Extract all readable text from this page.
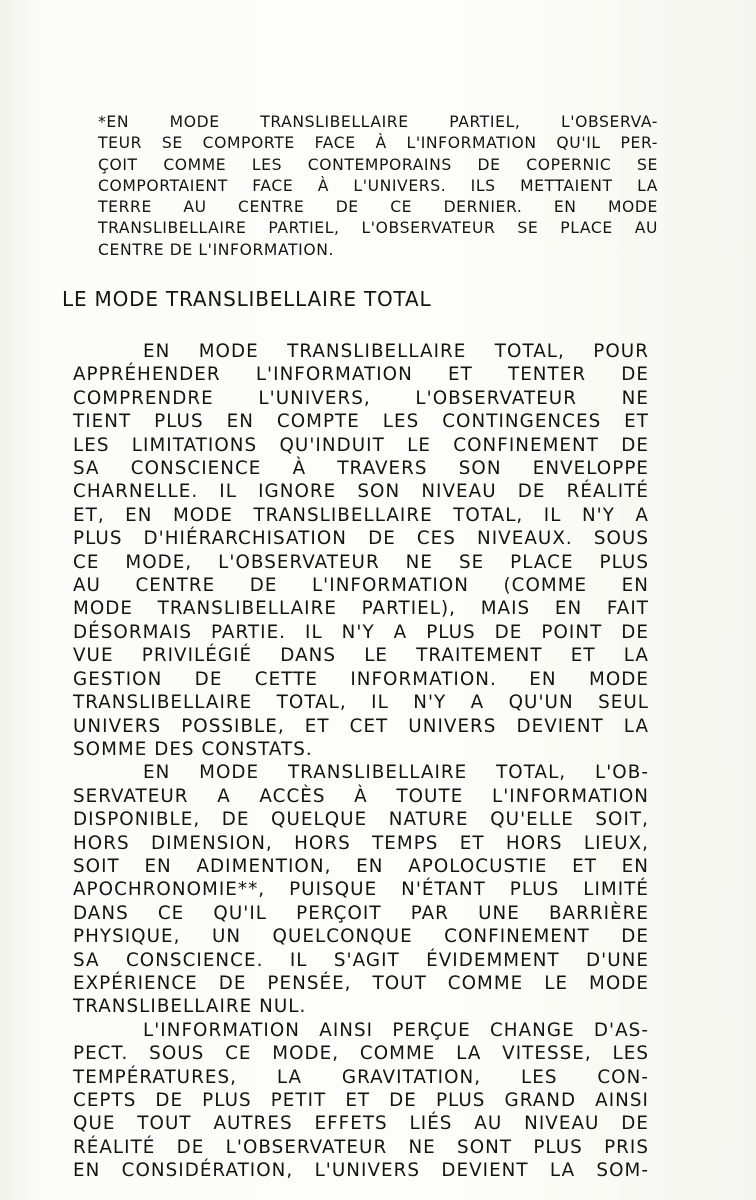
*EN MODE TRANSLIBELLAIRE PARTIEL, L'OBSERVA-
TEUR SE COMPORTE FACE À L'INFORMATION QU'IL PER-
ÇOIT COMME LES CONTEMPORAINS DE COPERNIC SE
COMPORTAIENT FACE À L'UNIVERS. ILS METTAIENT LA
TERRE AU CENTRE DE CE DERNIER. EN MODE
TRANSLIBELLAIRE PARTIEL, L'OBSERVATEUR SE PLACE AU
CENTRE DE L'INFORMATION.
LE MODE TRANSLIBELLAIRE TOTAL
EN MODE TRANSLIBELLAIRE TOTAL, POUR
APPRÉHENDER L'INFORMATION ET TENTER DE
COMPRENDRE L'UNIVERS, L'OBSERVATEUR NE
TIENT PLUS EN COMPTE LES CONTINGENCES ET
LES LIMITATIONS QU'INDUIT LE CONFINEMENT DE
SA CONSCIENCE À TRAVERS SON ENVELOPPE
CHARNELLE. IL IGNORE SON NIVEAU DE RÉALITÉ
ET, EN MODE TRANSLIBELLAIRE TOTAL, IL N'Y A
PLUS D'HIÉRARCHISATION DE CES NIVEAUX. SOUS
CE MODE, L'OBSERVATEUR NE SE PLACE PLUS
AU CENTRE DE L'INFORMATION (COMME EN
MODE TRANSLIBELLAIRE PARTIEL), MAIS EN FAIT
DÉSORMAIS PARTIE. IL N'Y A PLUS DE POINT DE
VUE PRIVILÉGIÉ DANS LE TRAITEMENT ET LA
GESTION DE CETTE INFORMATION. EN MODE
TRANSLIBELLAIRE TOTAL, IL N'Y A QU'UN SEUL
UNIVERS POSSIBLE, ET CET UNIVERS DEVIENT LA
SOMME DES CONSTATS.
EN MODE TRANSLIBELLAIRE TOTAL, L'OB-
SERVATEUR A ACCÈS À TOUTE L'INFORMATION
DISPONIBLE, DE QUELQUE NATURE QU'ELLE SOIT,
HORS DIMENSION, HORS TEMPS ET HORS LIEUX,
SOIT EN ADIMENTION, EN APOLOCUSTIE ET EN
APOCHRONOMIE**, PUISQUE N'ÉTANT PLUS LIMITÉ
DANS CE QU'IL PERÇOIT PAR UNE BARRIÈRE
PHYSIQUE, UN QUELCONQUE CONFINEMENT DE
SA CONSCIENCE. IL S'AGIT ÉVIDEMMENT D'UNE
EXPÉRIENCE DE PENSÉE, TOUT COMME LE MODE
TRANSLIBELLAIRE NUL.
L'INFORMATION AINSI PERÇUE CHANGE D'AS-
PECT. SOUS CE MODE, COMME LA VITESSE, LES
TEMPÉRATURES, LA GRAVITATION, LES CON-
CEPTS DE PLUS PETIT ET DE PLUS GRAND AINSI
QUE TOUT AUTRES EFFETS LIÉS AU NIVEAU DE
RÉALITÉ DE L'OBSERVATEUR NE SONT PLUS PRIS
EN CONSIDÉRATION, L'UNIVERS DEVIENT LA SOM-
